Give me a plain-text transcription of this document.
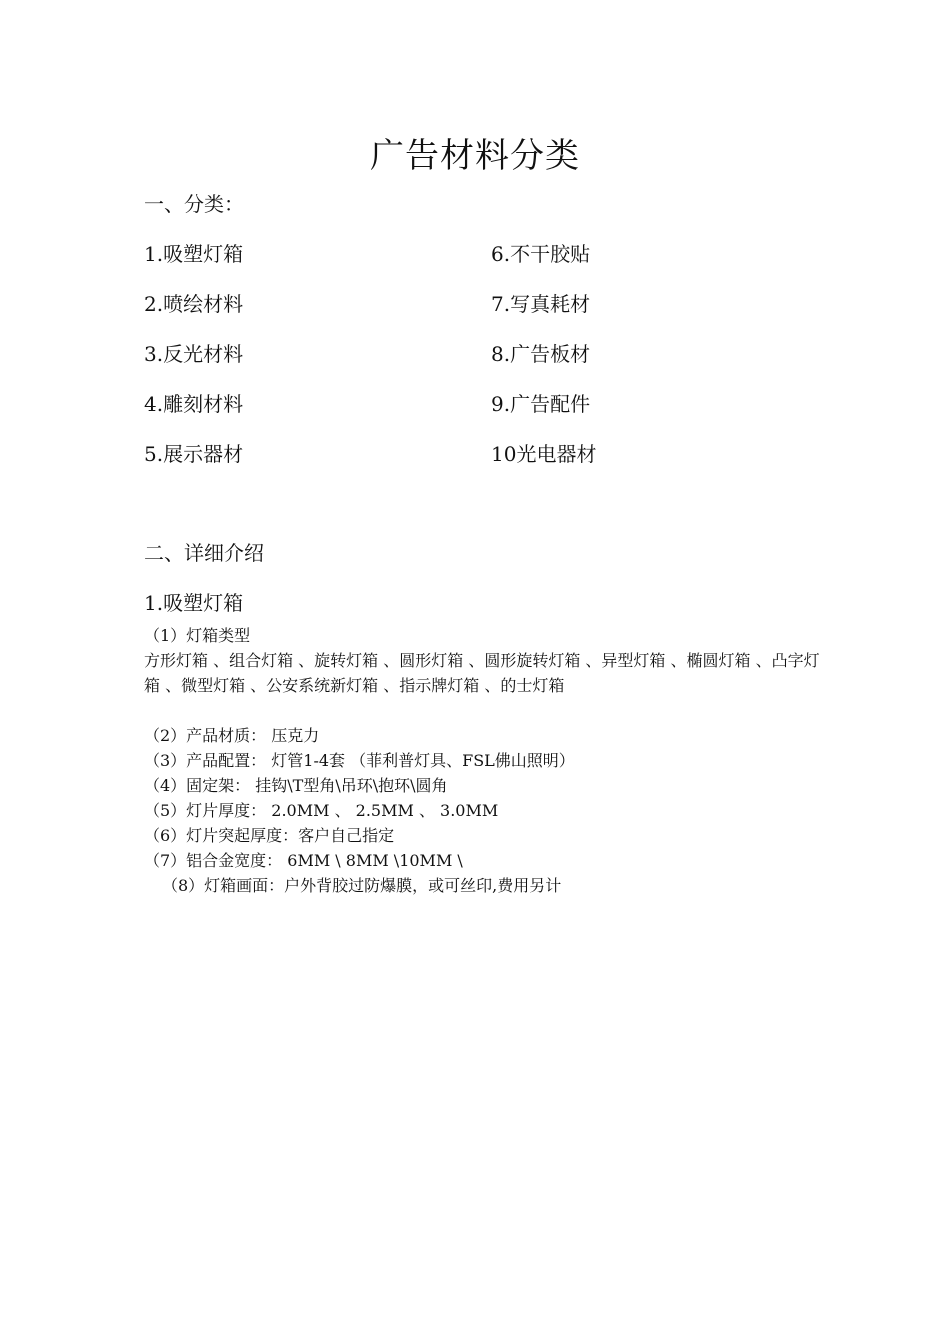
广告材料分类
一、分类：
1.吸塑灯箱
2.喷绘材料
3.反光材料
4.雕刻材料
5.展示器材
6.不干胶贴
7.写真耗材
8.广告板材
9.广告配件
10光电器材
二、详细介绍
1.吸塑灯箱
（1）灯箱类型
方形灯箱 、组合灯箱 、旋转灯箱 、圆形灯箱 、圆形旋转灯箱 、异型灯箱 、椭圆灯箱 、凸字灯箱 、微型灯箱 、公安系统新灯箱 、指示牌灯箱 、的士灯箱
（2）产品材质： 压克力
（3）产品配置： 灯管1-4套 （菲利普灯具、FSL佛山照明）
（4）固定架： 挂钩\T型角\吊环\抱环\圆角
（5）灯片厚度： 2.0MM 、 2.5MM 、 3.0MM
（6）灯片突起厚度：客户自己指定
（7）铝合金宽度： 6MM \ 8MM \10MM \
（8）灯箱画面：户外背胶过防爆膜，或可丝印,费用另计
